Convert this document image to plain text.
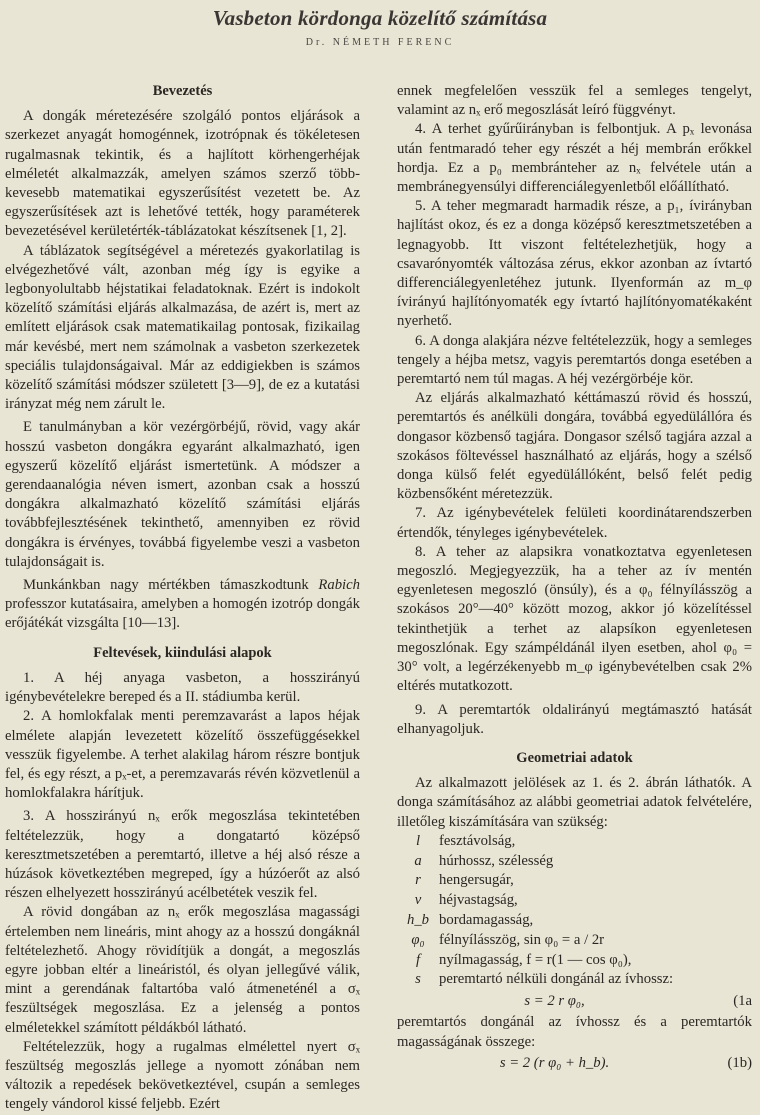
Vasbeton kördonga közelítő számítása
Dr. NÉMETH FERENC
Bevezetés

A dongák méretezésére szolgáló pontos eljárások a szerkezet anyagát homogénnek, izotrópnak és tökéletesen rugalmasnak tekintik, és a hajlított körhengerhéjak elméletét alkalmazzák, amelyen számos szerző több-kevesebb matematikai egyszerűsítést vezetett be. Az egyszerűsítések azt is lehetővé tették, hogy paraméterek bevezetésével kerületérték-táblázatokat készítsenek [1, 2].

A táblázatok segítségével a méretezés gyakorlatilag is elvégezhetővé vált, azonban még így is egyike a legbonyolultabb héjstatikai feladatoknak. Ezért is indokolt közelítő számítási eljárás alkalmazása, de azért is, mert az említett eljárások csak matematikailag pontosak, fizikailag már kevésbé, mert nem számolnak a vasbeton szerkezetek speciális tulajdonságaival. Már az eddigiekben is számos közelítő számítási módszer született [3—9], de ez a kutatási irányzat még nem zárult le.

E tanulmányban a kör vezérgörbéjű, rövid, vagy akár hosszú vasbeton dongákra egyaránt alkalmazható, igen egyszerű közelítő eljárást ismertetünk. A módszer a gerendaanalógia néven ismert, azonban csak a hosszú dongákra alkalmazható közelítő számítási eljárás továbbfejlesztésének tekinthető, amennyiben ez rövid dongákra is érvényes, továbbá figyelembe veszi a vasbeton tulajdonságait is.

Munkánkban nagy mértékben támaszkodtunk Rabich professzor kutatásaira, amelyben a homogén izotróp dongák erőjátékát vizsgálta [10—13].

Feltevések, kiindulási alapok

1. A héj anyaga vasbeton, a hosszirányú igénybevételekre bereped és a II. stádiumba kerül.

2. A homlokfalak menti peremzavarást a lapos héjak elmélete alapján levezetett közelítő összefüggésekkel vesszük figyelembe. A terhet alakilag három részre bontjuk fel, és egy részt, a pₓ-et, a peremzavarás révén közvetlenül a homlokfalakra hárítjuk.

3. A hosszirányú nₓ erők megoszlása tekintetében feltételezzük, hogy a dongatartó középső keresztmetszetében a peremtartó, illetve a héj alsó része a húzások következtében megreped, így a húzóerőt az alsó részen elhelyezett hosszirányú acélbetétek veszik fel.

A rövid dongában az nₓ erők megoszlása magassági értelemben nem lineáris, mint ahogy az a hosszú dongáknál feltételezhető. Ahogy rövidítjük a dongát, a megoszlás egyre jobban eltér a lineáristól, és olyan jellegűvé válik, mint a gerendának faltartóba való átmeneténél a σₓ feszültségek megoszlása. Ez a jelenség a pontos elméletekkel számított példákból látható.

Feltételezzük, hogy a rugalmas elmélettel nyert σₓ feszültség megoszlás jellege a nyomott zónában nem változik a repedések bekövetkeztével, csupán a semleges tengely vándorol kissé feljebb. Ezért

ennek megfelelően vesszük fel a semleges tengelyt, valamint az nₓ erő megoszlását leíró függvényt.

4. A terhet gyűrűirányban is felbontjuk. A pₓ levonása után fentmaradó teher egy részét a héj membrán erőkkel hordja. Ez a p₀ membránteher az nₓ felvétele után a membránegyensúlyi differenciálegyenletből előállítható.

5. A teher megmaradt harmadik része, a p₁, ívirányban hajlítást okoz, és ez a donga középső keresztmetszetében a legnagyobb. Itt viszont feltételezhetjük, hogy a csavarónyomték változása zérus, ekkor azonban az ívtartó differenciálegyenletéhez jutunk. Ilyenformán az m_φ ívirányú hajlítónyomaték egy ívtartó hajlítónyomatékaként nyerhető.

6. A donga alakjára nézve feltételezzük, hogy a semleges tengely a héjba metsz, vagyis peremtartós donga esetében a peremtartó nem túl magas. A héj vezérgörbéje kör.

Az eljárás alkalmazható kéttámaszú rövid és hosszú, peremtartós és anélküli dongára, továbbá egyedülállóra és dongasor közbenső tagjára. Dongasor szélső tagjára azzal a szokásos föltevéssel használható az eljárás, hogy a szélső donga külső felét egyedülállóként, belső felét pedig közbensőként méretezzük.

7. Az igénybevételek felületi koordinátarendszerben értendők, tényleges igénybevételek.

8. A teher az alapsikra vonatkoztatva egyenletesen megoszló. Megjegyezzük, ha a teher az ív mentén egyenletesen megoszló (önsúly), és a φ₀ félnyílásszög a szokásos 20°—40° között mozog, akkor jó közelítéssel tekinthetjük a terhet az alapsíkon egyenletesen megoszlónak. Egy számpéldánál ilyen esetben, ahol φ₀ = 30° volt, a legérzékenyebb m_φ igénybevételben csak 2% eltérés mutatkozott.

9. A peremtartók oldalirányú megtámasztó hatását elhanyagoljuk.

Geometriai adatok

Az alkalmazott jelölések az 1. és 2. ábrán láthatók. A donga számításához az alábbi geometriai adatok felvételére, illetőleg kiszámítására van szükség:

l	fesztávolság,
a	húrhossz, szélesség
r	hengersugár,
v	héjvastagság,
h_b bordamagasság,
φ₀ félnyílásszög, sin φ₀ = a / 2r
f	nyílmagasság, f = r(1 — cos φ₀),
s	peremtartó nélküli dongánál az ívhossz:
s = 2 r φ₀,	(1a

peremtartós dongánál az ívhossz és a peremtartók magasságának összege:

s = 2 (r φ₀ + h_b).	(1b)
